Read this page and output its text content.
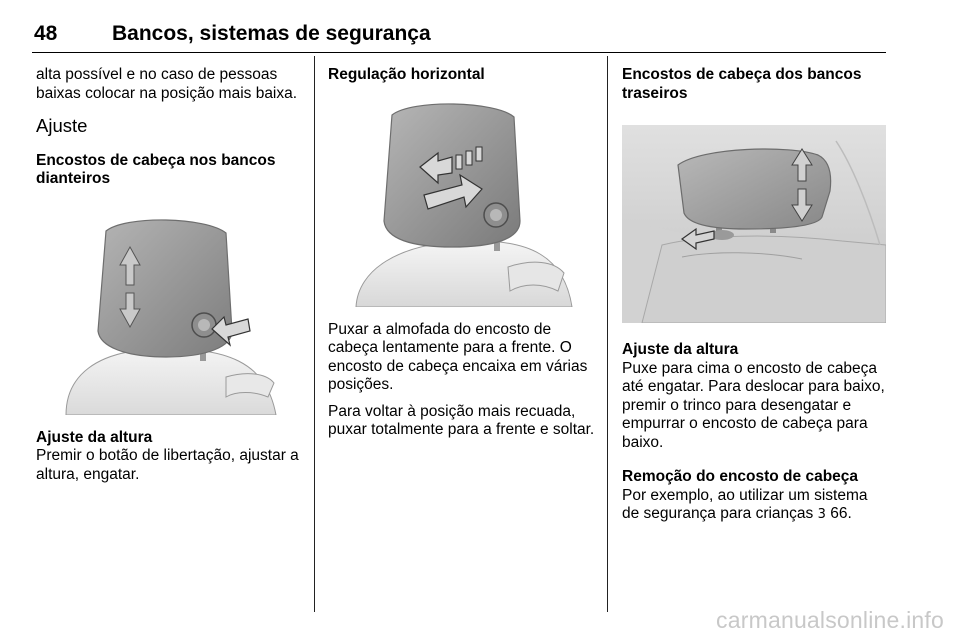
48	Bancos, sistemas de segurança

alta possível e no caso de pessoas baixas colocar na posição mais baixa.

Ajuste
Encostos de cabeça nos bancos dianteiros
Ajuste da altura

Premir o botão de libertação, ajustar a altura, engatar.

Regulação horizontal

Puxar a almofada do encosto de cabeça lentamente para a frente. O encosto de cabeça encaixa em várias posições.

Para voltar à posição mais recuada, puxar totalmente para a frente e soltar.

Encostos de cabeça dos bancos traseiros
Ajuste da altura

Puxe para cima o encosto de cabeça até engatar. Para deslocar para baixo, premir o trinco para desengatar e empurrar o encosto de cabeça para baixo.

Remoção do encosto de cabeça

Por exemplo, ao utilizar um sistema de segurança para crianças 3 66.

carmanualsonline.info
